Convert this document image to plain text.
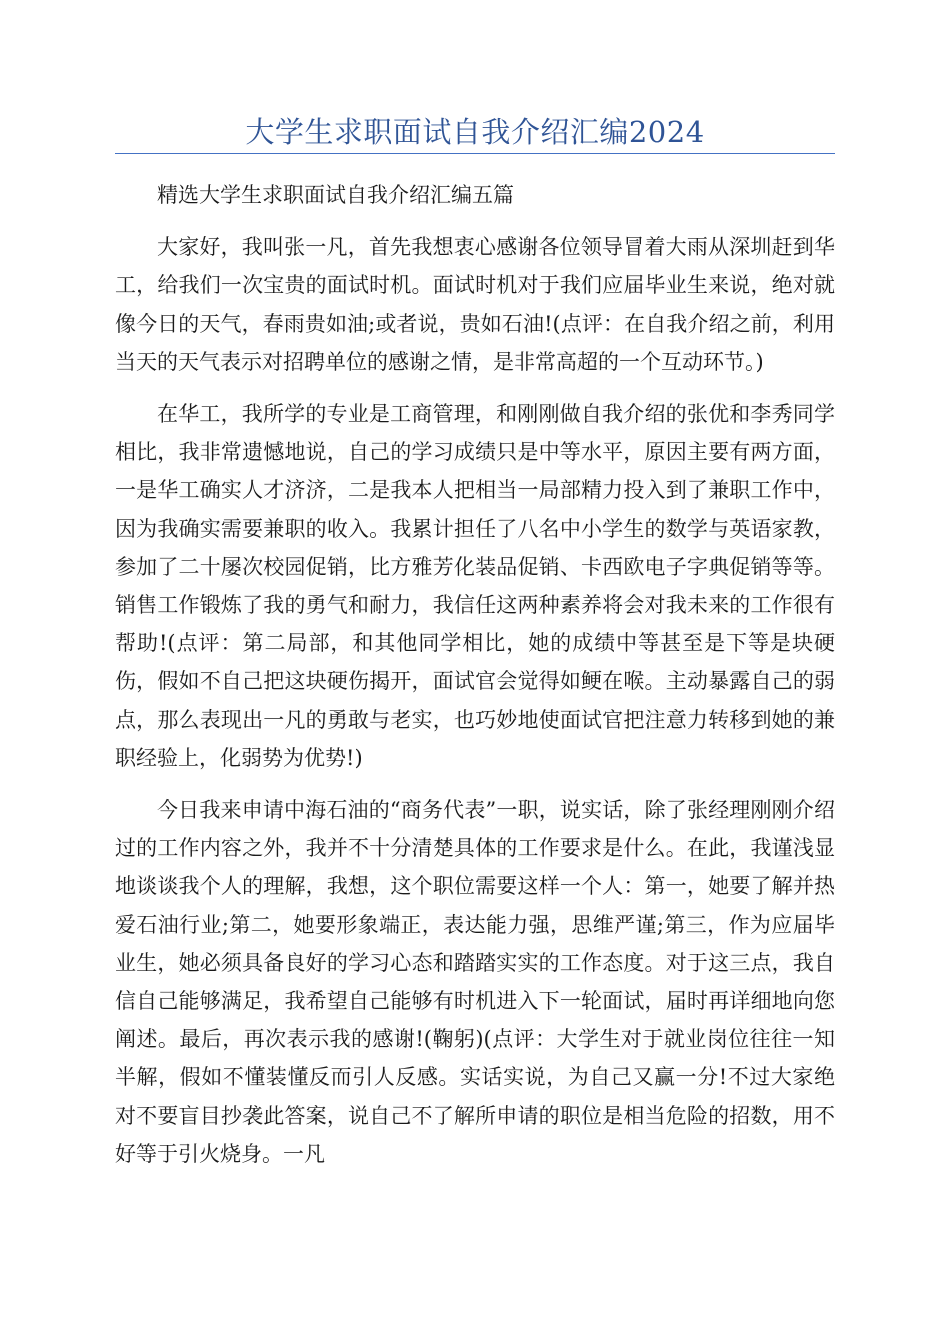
大学生求职面试自我介绍汇编2024

精选大学生求职面试自我介绍汇编五篇

大家好，我叫张一凡，首先我想衷心感谢各位领导冒着大雨从深圳赶到华工，给我们一次宝贵的面试时机。面试时机对于我们应届毕业生来说，绝对就像今日的天气，春雨贵如油;或者说，贵如石油!(点评：在自我介绍之前，利用当天的天气表示对招聘单位的感谢之情，是非常高超的一个互动环节。)

在华工，我所学的专业是工商管理，和刚刚做自我介绍的张优和李秀同学相比，我非常遗憾地说，自己的学习成绩只是中等水平，原因主要有两方面，一是华工确实人才济济，二是我本人把相当一局部精力投入到了兼职工作中，因为我确实需要兼职的收入。我累计担任了八名中小学生的数学与英语家教，参加了二十屡次校园促销，比方雅芳化装品促销、卡西欧电子字典促销等等。销售工作锻炼了我的勇气和耐力，我信任这两种素养将会对我未来的工作很有帮助!(点评：第二局部，和其他同学相比，她的成绩中等甚至是下等是块硬伤，假如不自己把这块硬伤揭开，面试官会觉得如鲠在喉。主动暴露自己的弱点，那么表现出一凡的勇敢与老实，也巧妙地使面试官把注意力转移到她的兼职经验上，化弱势为优势!)

今日我来申请中海石油的“商务代表”一职，说实话，除了张经理刚刚介绍过的工作内容之外，我并不十分清楚具体的工作要求是什么。在此，我谨浅显地谈谈我个人的理解，我想，这个职位需要这样一个人：第一，她要了解并热爱石油行业;第二，她要形象端正，表达能力强，思维严谨;第三，作为应届毕业生，她必须具备良好的学习心态和踏踏实实的工作态度。对于这三点，我自信自己能够满足，我希望自己能够有时机进入下一轮面试，届时再详细地向您阐述。最后，再次表示我的感谢!(鞠躬)(点评：大学生对于就业岗位往往一知半解，假如不懂装懂反而引人反感。实话实说，为自己又赢一分!不过大家绝对不要盲目抄袭此答案，说自己不了解所申请的职位是相当危险的招数，用不好等于引火烧身。一凡
